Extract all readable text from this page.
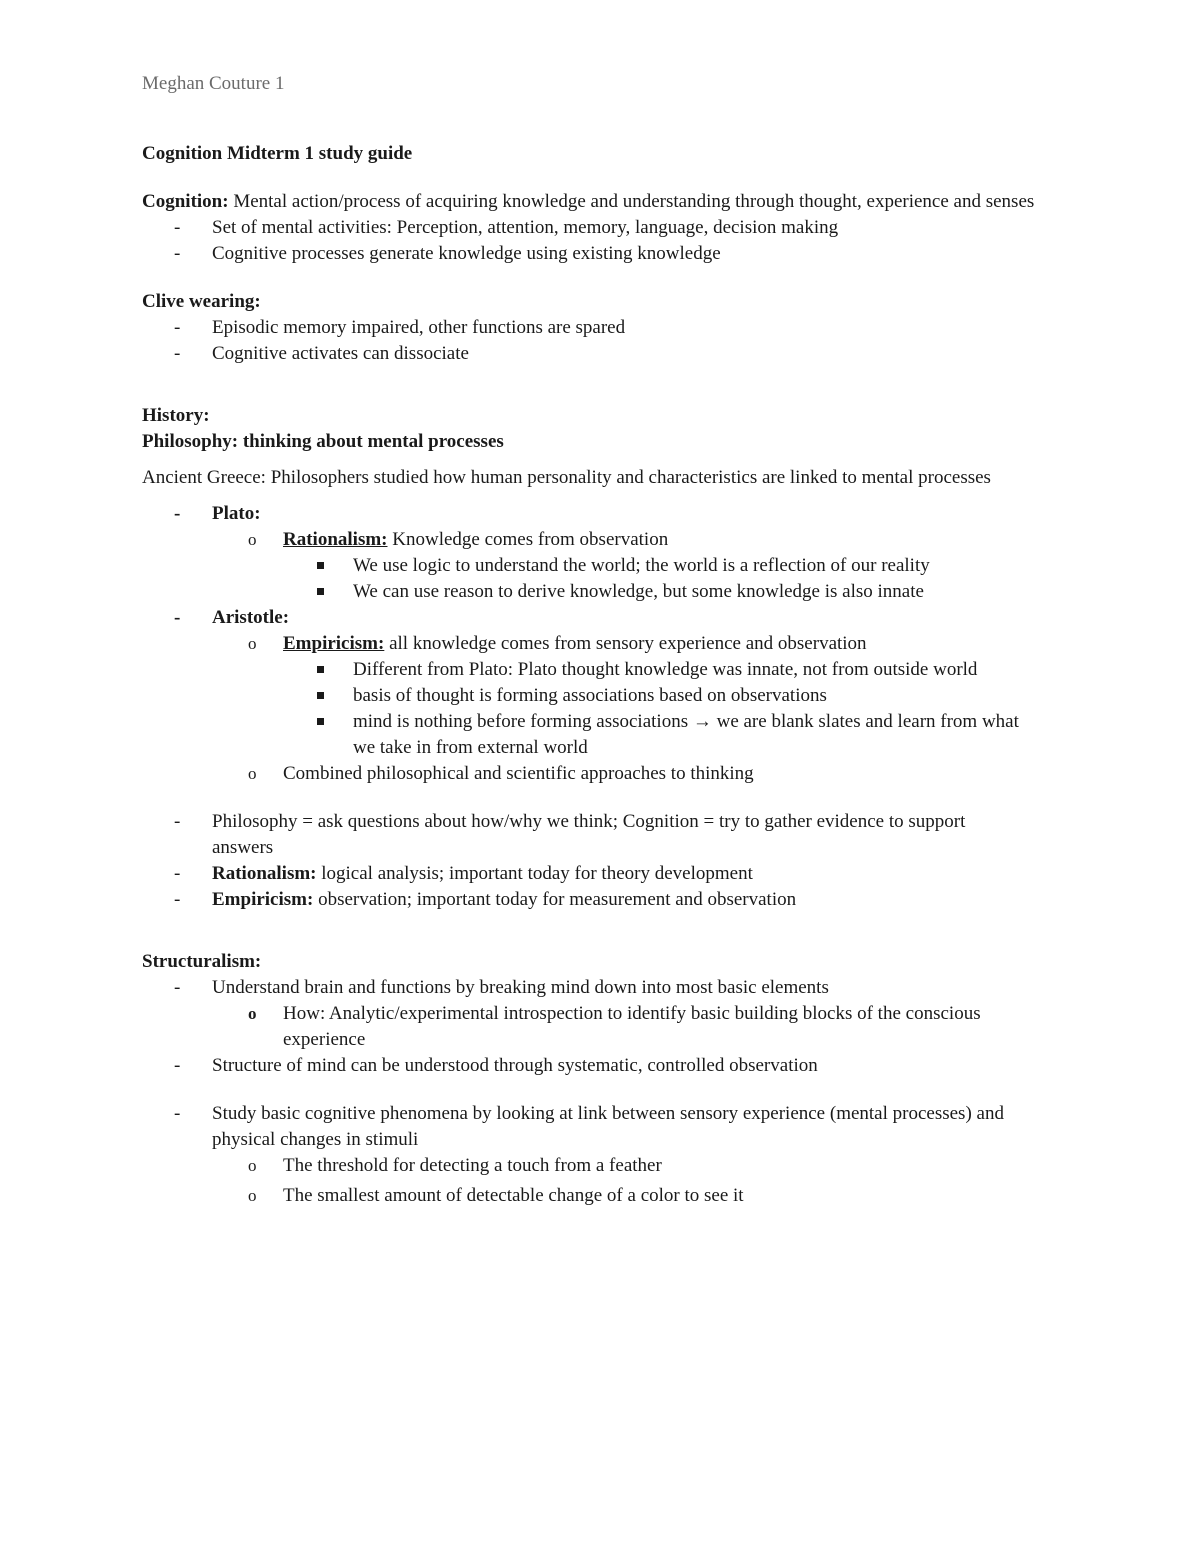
Meghan Couture 1

Cognition Midterm 1 study guide

Cognition: Mental action/process of acquiring knowledge and understanding through thought, experience and senses

- Set of mental activities: Perception, attention, memory, language, decision making

- Cognitive processes generate knowledge using existing knowledge

Clive wearing:

- Episodic memory impaired, other functions are spared

- Cognitive activates can dissociate

History:

Philosophy: thinking about mental processes

Ancient Greece: Philosophers studied how human personality and characteristics are linked to mental processes

- Plato:

o Rationalism: Knowledge comes from observation

We use logic to understand the world; the world is a reflection of our reality

We can use reason to derive knowledge, but some knowledge is also innate

- Aristotle:

o Empiricism: all knowledge comes from sensory experience and observation

Different from Plato: Plato thought knowledge was innate, not from outside world

basis of thought is forming associations based on observations

mind is nothing before forming associations → we are blank slates and learn from what we take in from external world

o Combined philosophical and scientific approaches to thinking

- Philosophy = ask questions about how/why we think; Cognition = try to gather evidence to support answers

- Rationalism: logical analysis; important today for theory development

- Empiricism: observation; important today for measurement and observation

Structuralism:

- Understand brain and functions by breaking mind down into most basic elements

o How: Analytic/experimental introspection to identify basic building blocks of the conscious experience

- Structure of mind can be understood through systematic, controlled observation

- Study basic cognitive phenomena by looking at link between sensory experience (mental processes) and physical changes in stimuli

o The threshold for detecting a touch from a feather

o The smallest amount of detectable change of a color to see it
